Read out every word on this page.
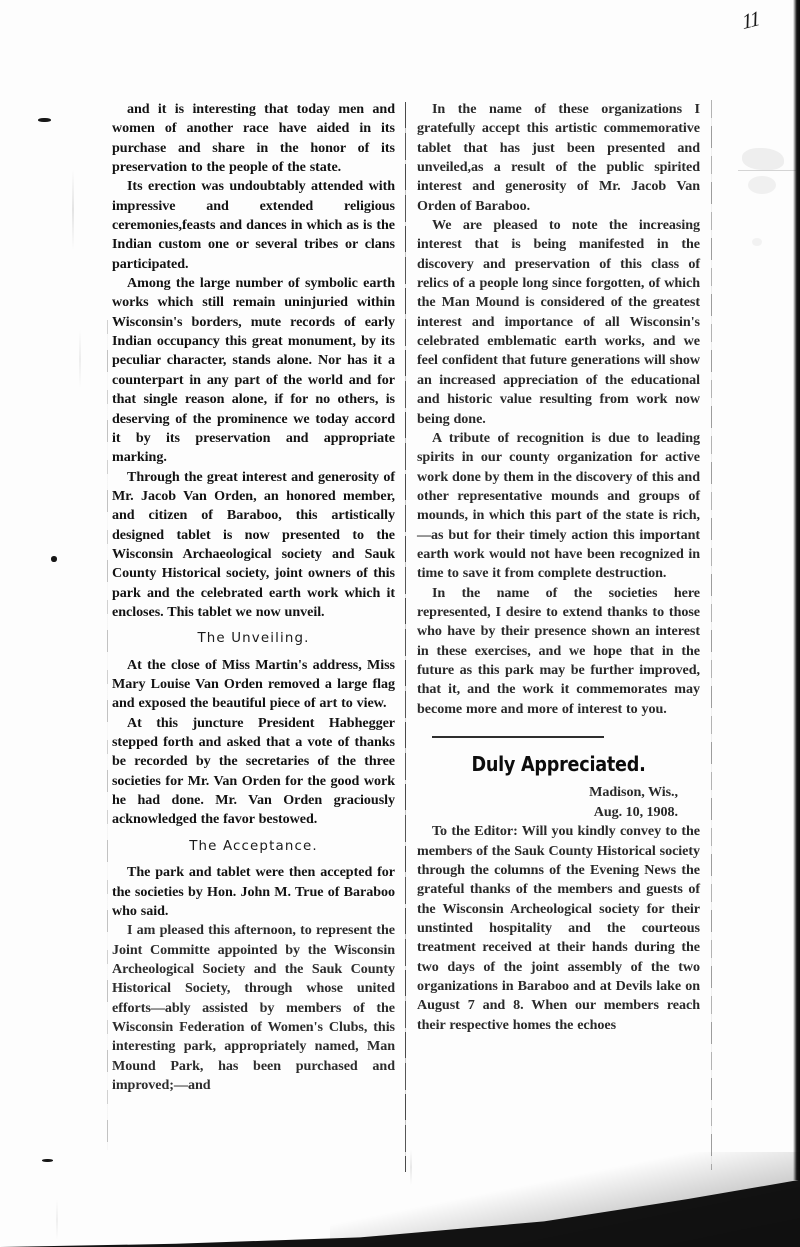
11

and it is interesting that today men and women of another race have aided in its purchase and share in the honor of its preservation to the people of the state.

Its erection was undoubtably attended with impressive and extended religious ceremonies,feasts and dances in which as is the Indian custom one or several tribes or clans participated.

Among the large number of symbolic earth works which still remain uninjuried within Wisconsin's borders, mute records of early Indian occupancy this great monument, by its peculiar character, stands alone. Nor has it a counterpart in any part of the world and for that single reason alone, if for no others, is deserving of the prominence we today accord it by its preservation and appropriate marking.

Through the great interest and generosity of Mr. Jacob Van Orden, an honored member, and citizen of Baraboo, this artistically designed tablet is now presented to the Wisconsin Archaeological society and Sauk County Historical society, joint owners of this park and the celebrated earth work which it encloses. This tablet we now unveil.

The Unveiling.

At the close of Miss Martin's address, Miss Mary Louise Van Orden removed a large flag and exposed the beautiful piece of art to view.

At this juncture President Habhegger stepped forth and asked that a vote of thanks be recorded by the secretaries of the three societies for Mr. Van Orden for the good work he had done. Mr. Van Orden graciously acknowledged the favor bestowed.

The Acceptance.

The park and tablet were then accepted for the societies by Hon. John M. True of Baraboo who said.

I am pleased this afternoon, to represent the Joint Committe appointed by the Wisconsin Archeological Society and the Sauk County Historical Society, through whose united efforts—ably assisted by members of the Wisconsin Federation of Women's Clubs, this interesting park, appropriately named, Man Mound Park, has been purchased and improved;—and

In the name of these organizations I gratefully accept this artistic commemorative tablet that has just been presented and unveiled,as a result of the public spirited interest and generosity of Mr. Jacob Van Orden of Baraboo.

We are pleased to note the increasing interest that is being manifested in the discovery and preservation of this class of relics of a people long since forgotten, of which the Man Mound is considered of the greatest interest and importance of all Wisconsin's celebrated emblematic earth works, and we feel confident that future generations will show an increased appreciation of the educational and historic value resulting from work now being done.

A tribute of recognition is due to leading spirits in our county organization for active work done by them in the discovery of this and other representative mounds and groups of mounds, in which this part of the state is rich,—as but for their timely action this important earth work would not have been recognized in time to save it from complete destruction.

In the name of the societies here represented, I desire to extend thanks to those who have by their presence shown an interest in these exercises, and we hope that in the future as this park may be further improved, that it, and the work it commemorates may become more and more of interest to you.

Duly Appreciated.
Madison, Wis.,
Aug. 10, 1908.

To the Editor: Will you kindly convey to the members of the Sauk County Historical society through the columns of the Evening News the grateful thanks of the members and guests of the Wisconsin Archeological society for their unstinted hospitality and the courteous treatment received at their hands during the two days of the joint assembly of the two organizations in Baraboo and at Devils lake on August 7 and 8. When our members reach their respective homes the echoes
